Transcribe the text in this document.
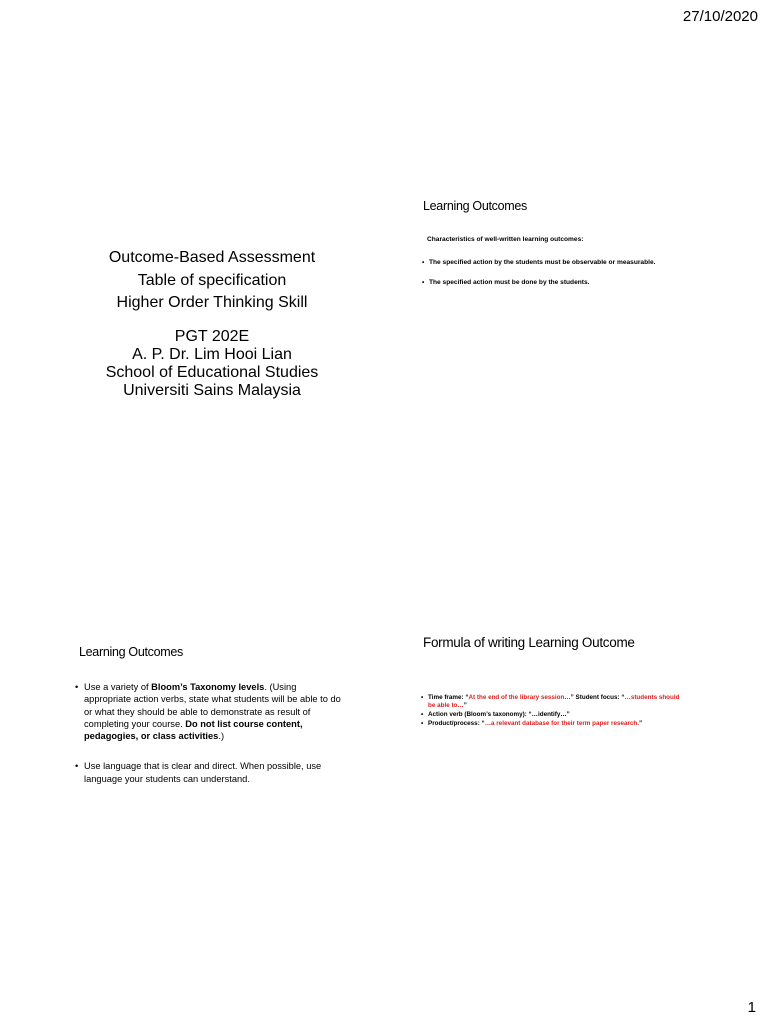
27/10/2020
Outcome-Based Assessment
Table of specification
Higher Order Thinking Skill
PGT 202E
A. P. Dr. Lim Hooi Lian
School of Educational Studies
Universiti Sains Malaysia
Learning Outcomes
Characteristics of well-written learning outcomes:
• The specified action by the students must be observable or measurable.
• The specified action must be done by the students.
Learning Outcomes
• Use a variety of Bloom’s Taxonomy levels. (Using appropriate action verbs, state what students will be able to do or what they should be able to demonstrate as result of completing your course. Do not list course content, pedagogies, or class activities.)
• Use language that is clear and direct. When possible, use language your students can understand.
Formula of writing Learning Outcome
• Time frame: “At the end of the library session…” Student focus: “…students should be able to…”
• Action verb (Bloom’s taxonomy): “…identify…”
• Product/process: “…a relevant database for their term paper research.”
1
